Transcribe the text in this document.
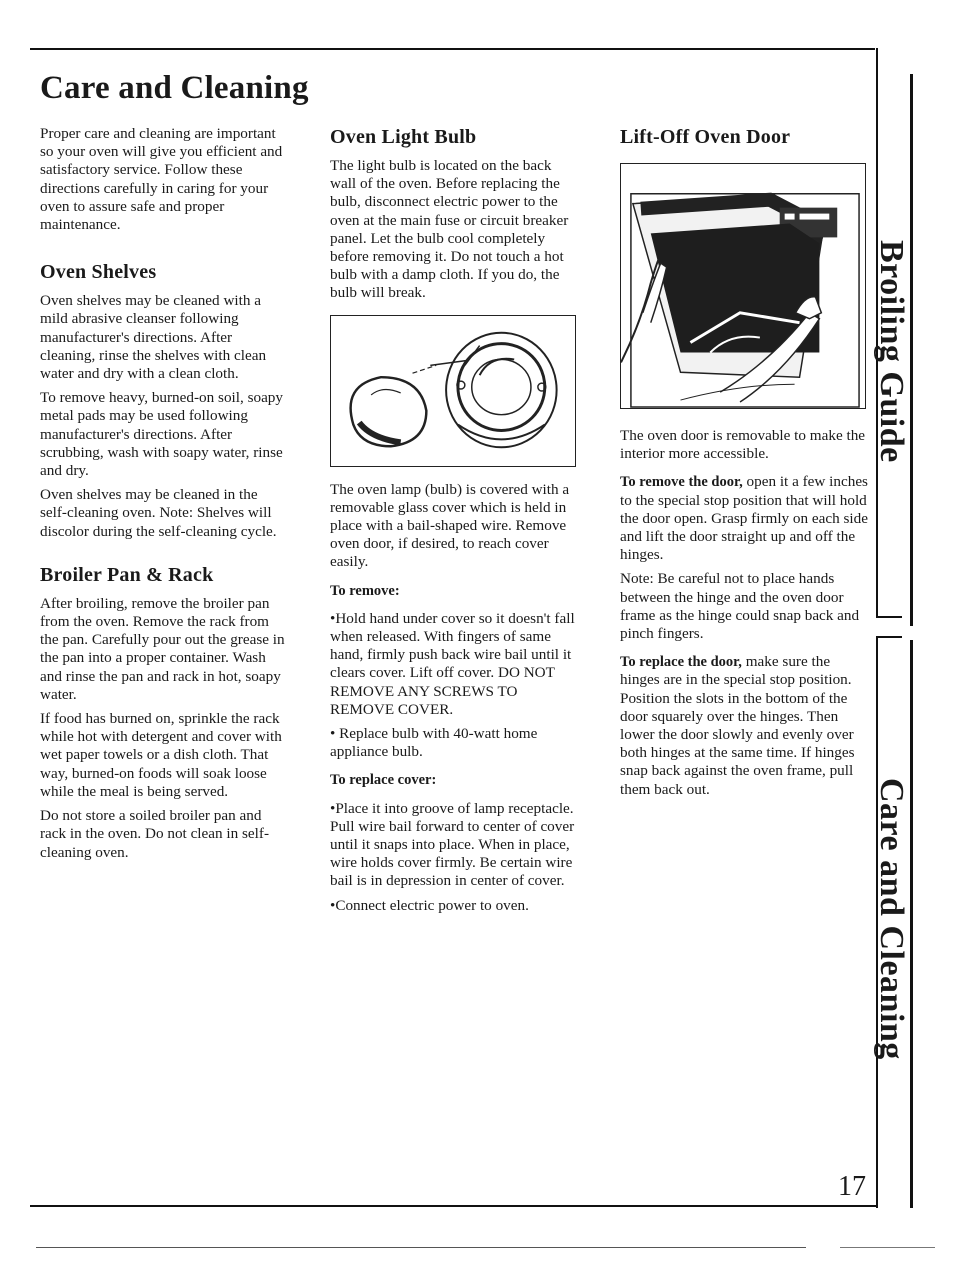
Care and Cleaning

Proper care and cleaning are important so your oven will give you efficient and satisfactory service. Follow these directions carefully in caring for your oven to assure safe and proper maintenance.

Oven Shelves

Oven shelves may be cleaned with a mild abrasive cleanser following manufacturer's directions. After cleaning, rinse the shelves with clean water and dry with a clean cloth.

To remove heavy, burned-on soil, soapy metal pads may be used following manufacturer's directions. After scrubbing, wash with soapy water, rinse and dry.

Oven shelves may be cleaned in the self-cleaning oven. Note: Shelves will discolor during the self-cleaning cycle.

Broiler Pan & Rack

After broiling, remove the broiler pan from the oven. Remove the rack from the pan. Carefully pour out the grease in the pan into a proper container. Wash and rinse the pan and rack in hot, soapy water.

If food has burned on, sprinkle the rack while hot with detergent and cover with wet paper towels or a dish cloth. That way, burned-on foods will soak loose while the meal is being served.

Do not store a soiled broiler pan and rack in the oven. Do not clean in self-cleaning oven.

Oven Light Bulb

The light bulb is located on the back wall of the oven. Before replacing the bulb, disconnect electric power to the oven at the main fuse or circuit breaker panel. Let the bulb cool completely before removing it. Do not touch a hot bulb with a damp cloth. If you do, the bulb will break.

The oven lamp (bulb) is covered with a removable glass cover which is held in place with a bail-shaped wire. Remove oven door, if desired, to reach cover easily.

To remove:

•Hold hand under cover so it doesn't fall when released. With fingers of same hand, firmly push back wire bail until it clears cover. Lift off cover. DO NOT REMOVE ANY SCREWS TO REMOVE COVER.

• Replace bulb with 40-watt home appliance bulb.

To replace cover:

•Place it into groove of lamp receptacle. Pull wire bail forward to center of cover until it snaps into place. When in place, wire holds cover firmly. Be certain wire bail is in depression in center of cover.

•Connect electric power to oven.

Lift-Off Oven Door

The oven door is removable to make the interior more accessible.

To remove the door, open it a few inches to the special stop position that will hold the door open. Grasp firmly on each side and lift the door straight up and off the hinges.

Note: Be careful not to place hands between the hinge and the oven door frame as the hinge could snap back and pinch fingers.

To replace the door, make sure the hinges are in the special stop position. Position the slots in the bottom of the door squarely over the hinges. Then lower the door slowly and evenly over both hinges at the same time. If hinges snap back against the oven frame, pull them back out.

Broiling Guide
Care and Cleaning
17
